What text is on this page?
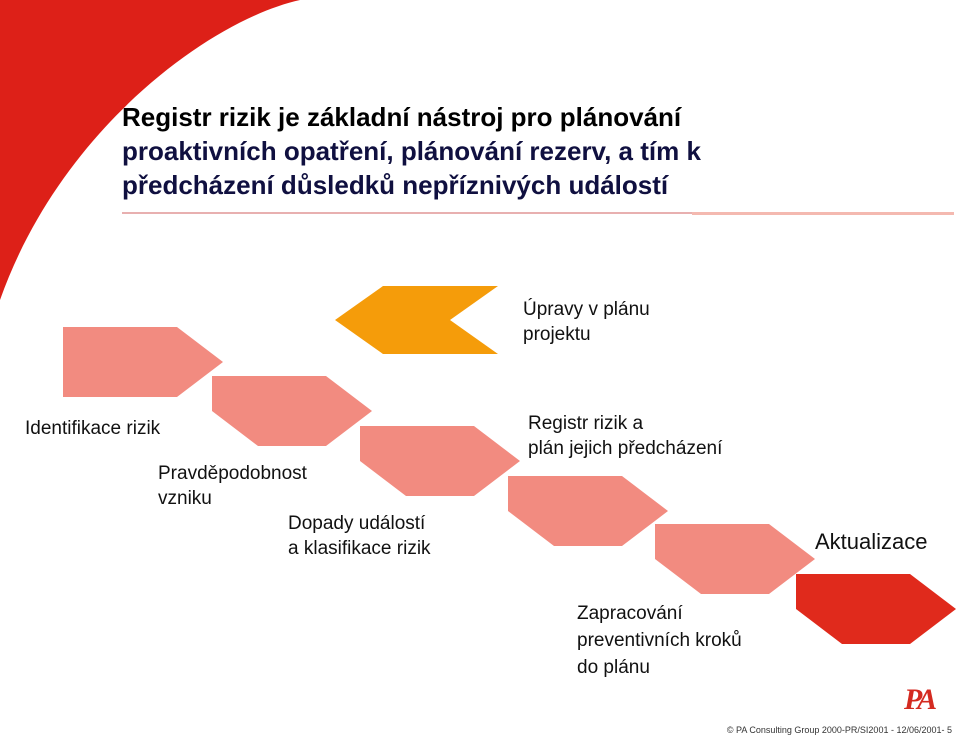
Registr rizik je základní nástroj pro plánování
proaktivních opatření, plánování rezerv, a tím k
předcházení důsledků nepříznivých událostí
Úpravy v plánu
projektu
Identifikace rizik
Pravděpodobnost
vzniku
Dopady událostí
a klasifikace rizik
Registr rizik a
plán jejich předcházení
Zapracování
preventivních kroků
do plánu
Aktualizace
PA
© PA Consulting Group 2000-PR/SI2001 - 12/06/2001- 5
